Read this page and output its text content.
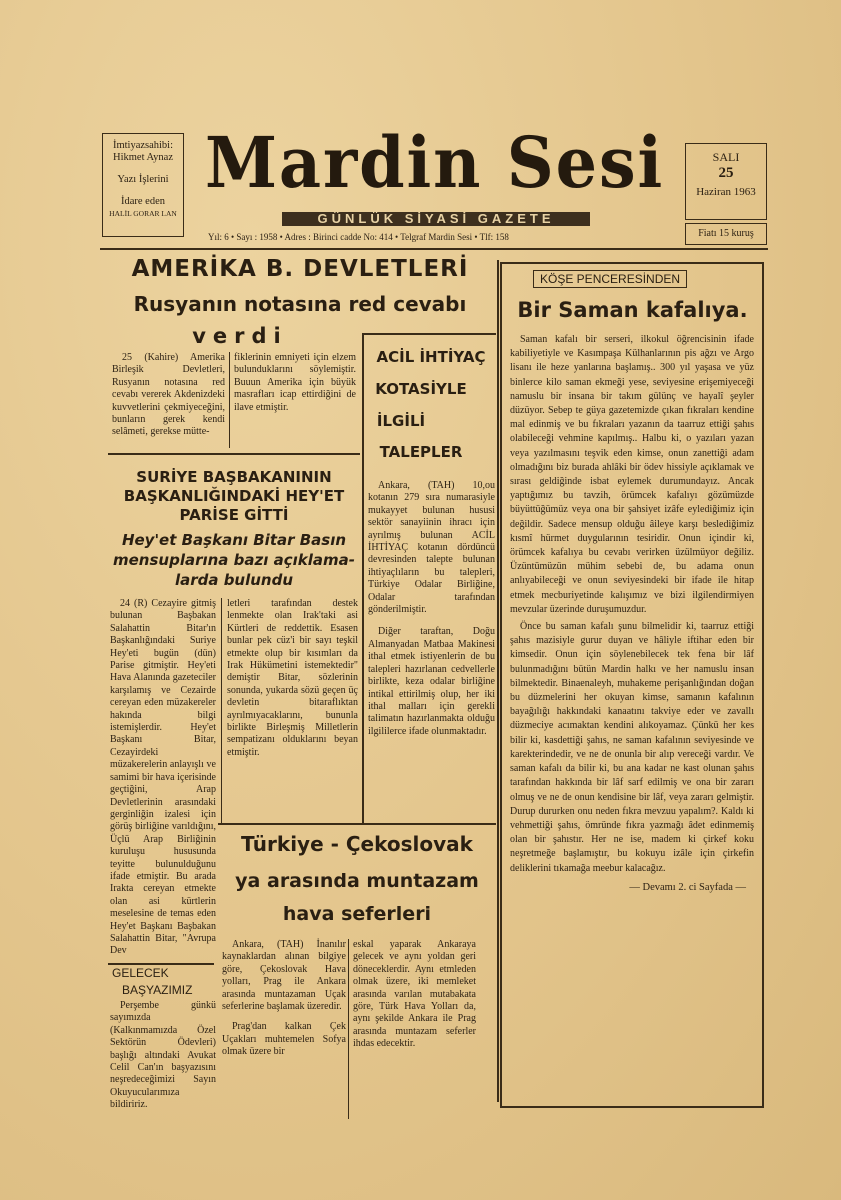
İmtiyazsahibi:
Hikmet Aynaz
Yazı İşlerini
İdare eden
HALİL GORAR LAN
Mardin Sesi
GÜNLÜK SİYASİ GAZETE
Yıl: 6 • Sayı : 1958 • Adres : Birinci cadde No: 414 • Telgraf Mardin Sesi • Tlf: 158
SALI
25
Haziran 1963
Fiatı 15 kuruş
AMERİKA B. DEVLETLERİ
Rusyanın notasına red cevabı
verdi

25 (Kahire) Amerika Birleşik Devletleri, Rusyanın notasına red cevabı vererek Akdenizdeki kuvvetlerini çekmiyeceğini, bunların gerek kendi selâmeti, gerekse mütte-

fiklerinin emniyeti için elzem bulunduklarını söylemiştir. Buuun Amerika için büyük masrafları icap ettirdiğini de ilave etmiştir.

ACİL İHTİYAÇ
KOTASİYLE
İLGİLİ
TALEPLER

Ankara, (TAH) 10,ou kotanın 279 sıra numarasiyle mukayyet bulunan hususi sektör sanayiinin ihracı için ayrılmış bulunan ACİL İHTİYAÇ kotanın dördüncü devresinden talepte bulunan ihtiyaçlıların bu talepleri, Türkiye Odalar Birliğine, Odalar tarafından gönderilmiştir.

Diğer taraftan, Doğu Almanyadan Matbaa Makinesi ithal etmek istiyenlerin de bu talepleri hazırlanan cedvellerle birlikte, keza odalar birliğine intikal ettirilmiş olup, her iki ithal malları için gerekli talimatın hazırlanmakta olduğu ilgililerce ifade olunmaktadır.

SURİYE BAŞBAKANININ
BAŞKANLIĞINDAKİ HEY'ET
PARİSE GİTTİ
Hey'et Başkanı Bitar Basın
mensuplarına bazı açıklama-
larda bulundu

24 (R) Cezayire gitmiş bulunan Başbakan Salahattin Bitar'ın Başkanlığındaki Suriye Hey'eti bugün (dün) Parise gitmiştir. Hey'eti Hava Alanında gazeteciler karşılamış ve Cezairde cereyan eden müzakereler hakında bilgi istemişlerdir. Hey'et Başkanı Bitar, Cezayirdeki müzakerelerin anlayışlı ve samimi bir hava içerisinde geçtiğini, Arap Devletlerinin arasındaki gerginliğin izalesi için görüş birliğine varıldığını, Üçlü Arap Birliğinin kuruluşu hususunda teyitte bulunulduğunu ifade etmiştir. Bu arada Irakta cereyan etmekte olan asi kürtlerin meselesine de temas eden Hey'et Başkanı Başbakan Salahattin Bitar, "Avrupa Dev

letleri tarafından destek lenmekte olan Irak'taki asi Kürtleri de reddettik. Esasen bunlar pek cüz'i bir sayı teşkil etmekte olup bir kısımları da Irak Hükümetini istemektedir" demiştir Bitar, sözlerinin sonunda, yukarda sözü geçen üç devletin bitaraflıktan ayrılmıyacaklarını, bununla birlikte Birleşmiş Milletlerin sempatizanı olduklarını beyan etmiştir.

Türkiye - Çekoslovak
ya arasında muntazam
hava seferleri

Ankara, (TAH) İnanılır kaynaklardan alınan bilgiye göre, Çekoslovak Hava yolları, Prag ile Ankara arasında muntazaman Uçak seferlerine başlamak üzeredir.

Prag'dan kalkan Çek Uçakları muhtemelen Sofya olmak üzere bir

eskal yaparak Ankaraya gelecek ve aynı yoldan geri döneceklerdir. Aynı etmleden olmak üzere, iki memleket arasında varılan mutabakata göre, Türk Hava Yolları da, aynı şekilde Ankara ile Prag arasında muntazam seferler ihdas edecektir.

GELECEK
BAŞYAZIMIZ

Perşembe günkü sayımızda (Kalkınmamızda Özel Sektörün Ödevleri) başlığı altındaki Avukat Celil Can'ın başyazısını neşredeceğimizi Sayın Okuyucularımıza bildiririz.

KÖŞE PENCERESİNDEN
Bir Saman kafalıya.

Saman kafalı bir serseri, ilkokul öğrencisinin ifade kabiliyetiyle ve Kasımpaşa Külhanlarının pis ağzı ve Argo lisanı ile heze yanlarına başlamış.. 300 yıl yaşasa ve yüz binlerce kilo saman ekmeği yese, seviyesine erişemiyeceği namuslu bir insana bir takım gülünç ve hayalî şeyler düzüyor. Sebep te güya gazetemizde çıkan fıkraları kendine mal edinmiş ve bu fıkraları yazanın da taarruz ettiği şahıs olabileceği vehmine kapılmış.. Halbu ki, o yazıları yazan veya yazılmasını teşvik eden kimse, onun zanettiği adam olmadığını biz burada ahlâki bir ödev hissiyle açıklamak ve sırası geldiğinde isbat eylemek durumundayız. Ancak yaptığımız bu tavzih, örümcek kafalıyı gözümüzde büyüttüğümüz veya ona bir şahsiyet izâfe eylediğimiz için değildir. Sadece mensup olduğu âileye karşı beslediğimiz kısmî hürmet duygularının tesiridir. Onun içindir ki, örümcek kafalıya bu cevabı verirken üzülmüyor değiliz. Üzüntümüzün mühim sebebi de, bu adama onun anlıyabileceği ve onun seviyesindeki bir ifade ile hitap etmek mecburiyetinde kalışımız ve bizi ilgilendirmiyen mevzular üzerinde duruşumuzdur.

Önce bu saman kafalı şunu bilmelidir ki, taarruz ettiği şahıs mazisiyle gurur duyan ve hâliyle iftihar eden bir kimsedir. Onun için söylenebilecek tek fena bir lâf bulunmadığını bütün Mardin halkı ve her namuslu insan bilmektedir. Binaenaleyh, muhakeme perişanlığından doğan bu düzmelerini her okuyan kimse, samanın kafalının bayağılığı hakkındaki kanaatını takviye eder ve zavallı düzmeciye acımaktan kendini alıkoyamaz. Çünkü her kes bilir ki, kasdettiği şahıs, ne saman kafalının seviyesinde ve karekterindedir, ve ne de onunla bir alıp vereceği vardır. Ve saman kafalı da bilir ki, bu ana kadar ne kast olunan şahıs tarafından hakkında bir lâf sarf edilmiş ve ona bir zararı olmuş ve ne de onun kendisine bir lâf, veya zararı gelmiştir. Durup dururken onu neden fıkra mevzuu yapalım?. Kaldı ki vehmettiği şahıs, ömründe fıkra yazmağı âdet edinmemiş olan bir şahıstır. Her ne ise, madem ki çirkef koku neşretmeğe başlamıştır, bu kokuyu izâle için çirkefin deliklerini tıkamağa meebur kalacağız.

— Devamı 2. ci Sayfada —
